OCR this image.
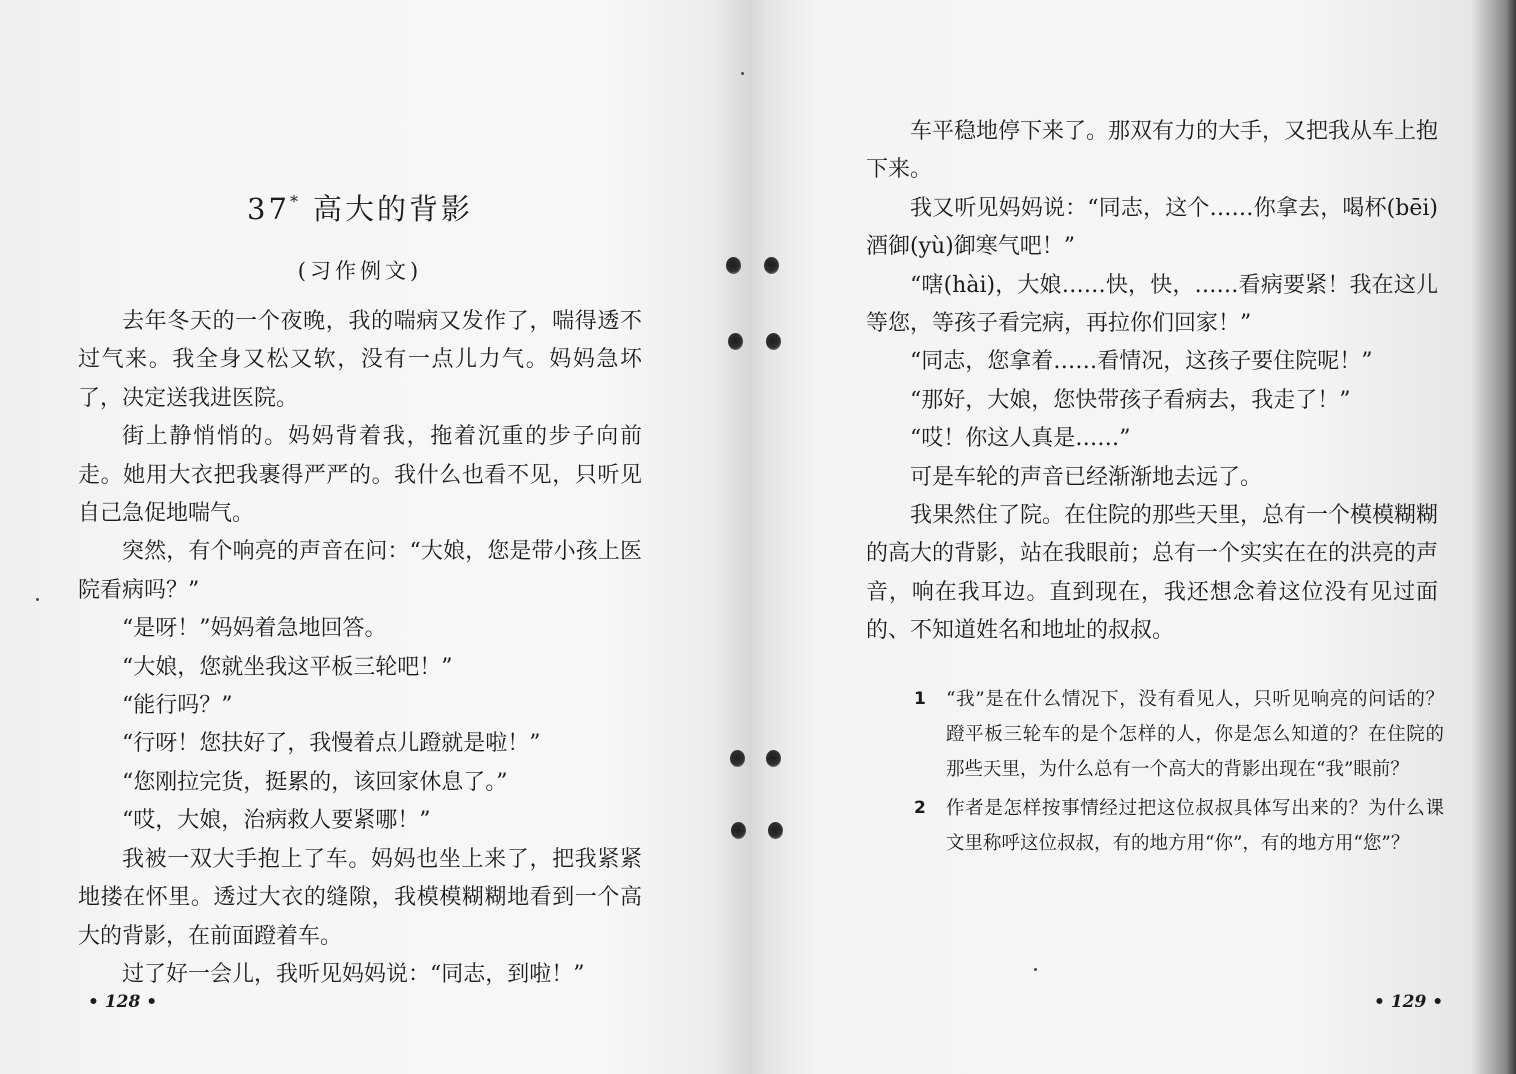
37* 高大的背影
(习作例文)

去年冬天的一个夜晚，我的喘病又发作了，喘得透不过气来。我全身又松又软，没有一点儿力气。妈妈急坏了，决定送我进医院。

街上静悄悄的。妈妈背着我，拖着沉重的步子向前走。她用大衣把我裹得严严的。我什么也看不见，只听见自己急促地喘气。

突然，有个响亮的声音在问：“大娘，您是带小孩上医院看病吗？”

“是呀！”妈妈着急地回答。

“大娘，您就坐我这平板三轮吧！”

“能行吗？”

“行呀！您扶好了，我慢着点儿蹬就是啦！”

“您刚拉完货，挺累的，该回家休息了。”

“哎，大娘，治病救人要紧哪！”

我被一双大手抱上了车。妈妈也坐上来了，把我紧紧地搂在怀里。透过大衣的缝隙，我模模糊糊地看到一个高大的背影，在前面蹬着车。

过了好一会儿，我听见妈妈说：“同志，到啦！”

• 128 •

车平稳地停下来了。那双有力的大手，又把我从车上抱下来。

我又听见妈妈说：“同志，这个……你拿去，喝杯(bēi)酒御(yù)御寒气吧！”

“嗐(hài)，大娘……快，快，……看病要紧！我在这儿等您，等孩子看完病，再拉你们回家！”

“同志，您拿着……看情况，这孩子要住院呢！”

“那好，大娘，您快带孩子看病去，我走了！”

“哎！你这人真是……”

可是车轮的声音已经渐渐地去远了。

我果然住了院。在住院的那些天里，总有一个模模糊糊的高大的背影，站在我眼前；总有一个实实在在的洪亮的声音，响在我耳边。直到现在，我还想念着这位没有见过面的、不知道姓名和地址的叔叔。

1 “我”是在什么情况下，没有看见人，只听见响亮的问话的？蹬平板三轮车的是个怎样的人，你是怎么知道的？在住院的那些天里，为什么总有一个高大的背影出现在“我”眼前？
2 作者是怎样按事情经过把这位叔叔具体写出来的？为什么课文里称呼这位叔叔，有的地方用“你”，有的地方用“您”？
• 129 •
